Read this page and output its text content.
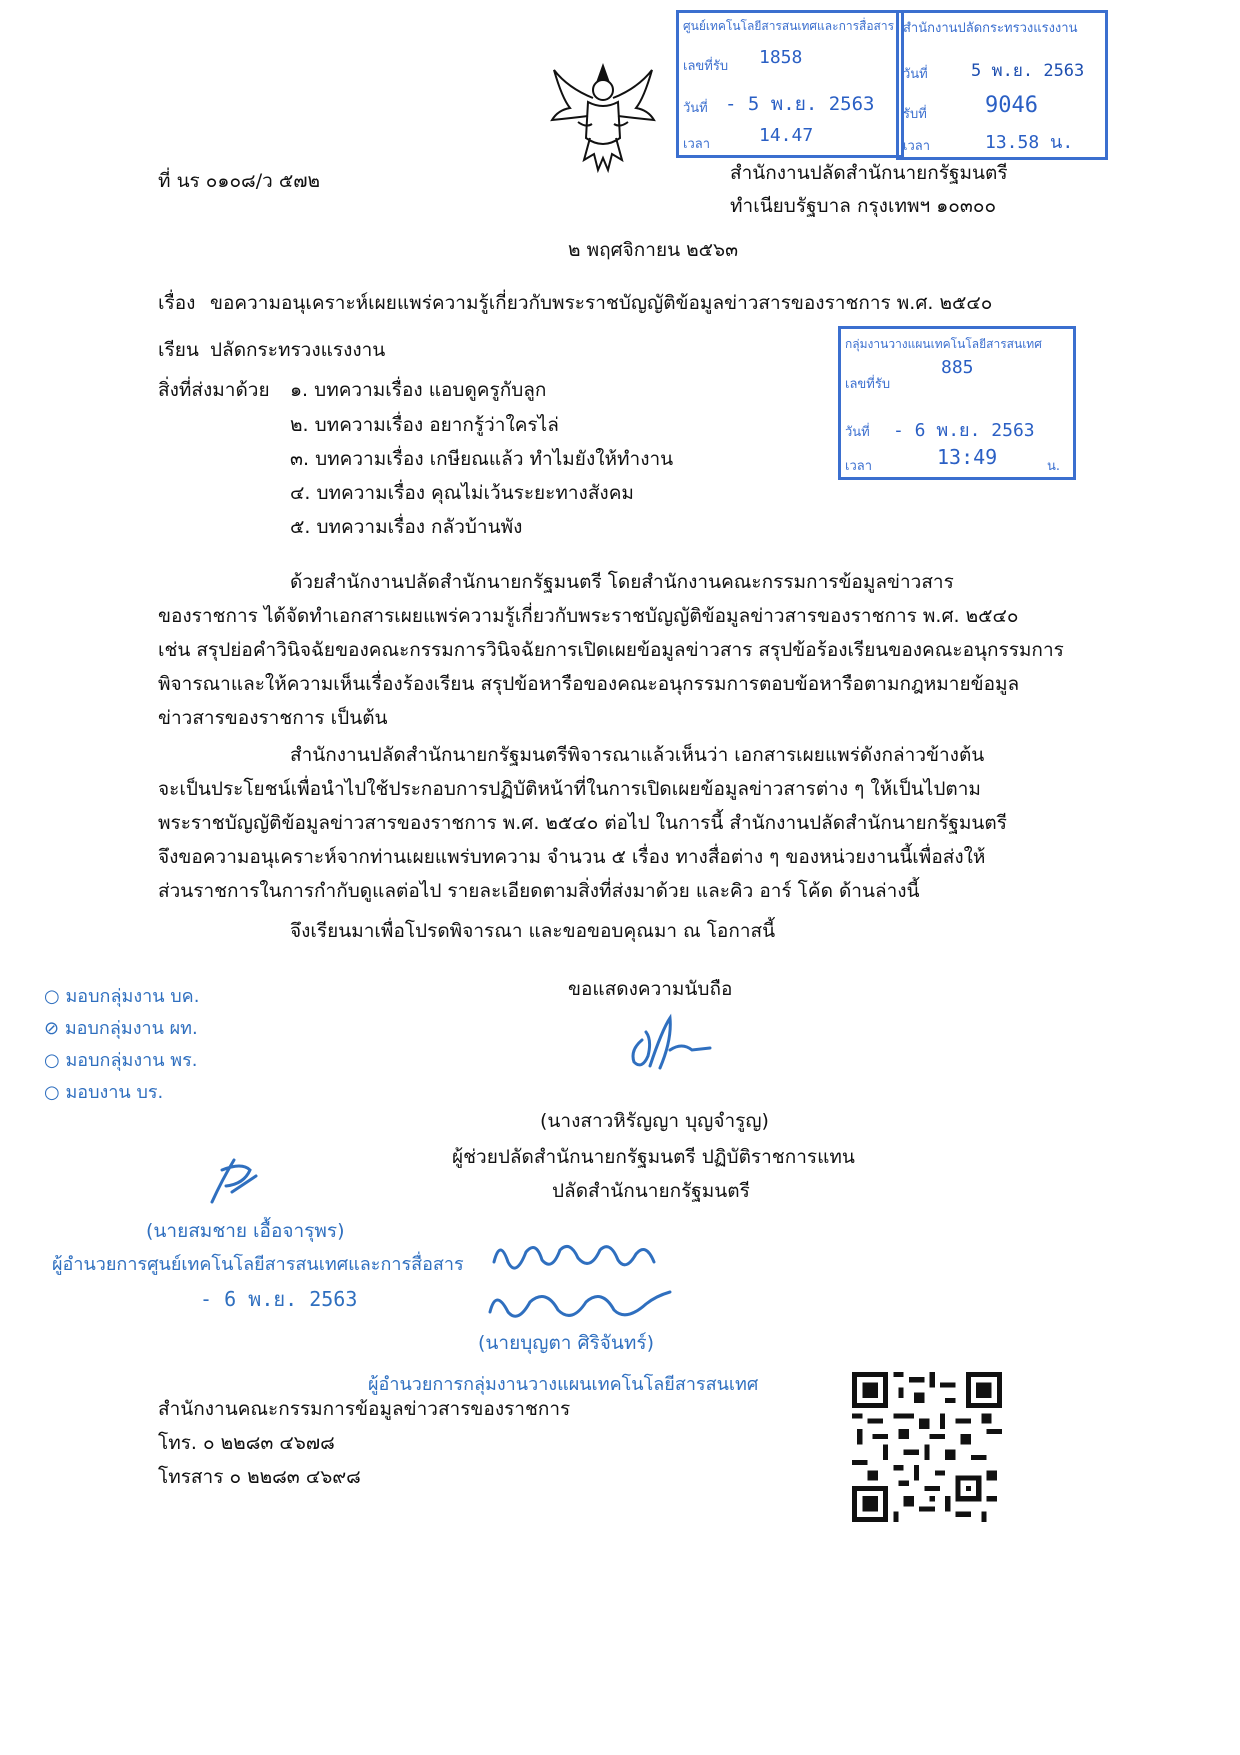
ที่ นร ๐๑๐๘/ว ๕๗๒	สำนักงานปลัดสำนักนายกรัฐมนตรี
ทำเนียบรัฐบาล กรุงเทพฯ ๑๐๓๐๐
๒ พฤศจิกายน ๒๕๖๓
เรื่อง ขอความอนุเคราะห์เผยแพร่ความรู้เกี่ยวกับพระราชบัญญัติข้อมูลข่าวสารของราชการ พ.ศ. ๒๕๔๐
เรียน ปลัดกระทรวงแรงงาน
สิ่งที่ส่งมาด้วย ๑. บทความเรื่อง แอบดูครูกับลูก
๒. บทความเรื่อง อยากรู้ว่าใครไล่
๓. บทความเรื่อง เกษียณแล้ว ทำไมยังให้ทำงาน
๔. บทความเรื่อง คุณไม่เว้นระยะทางสังคม
๕. บทความเรื่อง กลัวบ้านพัง
ด้วยสำนักงานปลัดสำนักนายกรัฐมนตรี โดยสำนักงานคณะกรรมการข้อมูลข่าวสาร
ของราชการ ได้จัดทำเอกสารเผยแพร่ความรู้เกี่ยวกับพระราชบัญญัติข้อมูลข่าวสารของราชการ พ.ศ. ๒๕๔๐
เช่น สรุปย่อคำวินิจฉัยของคณะกรรมการวินิจฉัยการเปิดเผยข้อมูลข่าวสาร สรุปข้อร้องเรียนของคณะอนุกรรมการ
พิจารณาและให้ความเห็นเรื่องร้องเรียน สรุปข้อหารือของคณะอนุกรรมการตอบข้อหารือตามกฎหมายข้อมูล
ข่าวสารของราชการ เป็นต้น
สำนักงานปลัดสำนักนายกรัฐมนตรีพิจารณาแล้วเห็นว่า เอกสารเผยแพร่ดังกล่าวข้างต้น
จะเป็นประโยชน์เพื่อนำไปใช้ประกอบการปฏิบัติหน้าที่ในการเปิดเผยข้อมูลข่าวสารต่าง ๆ ให้เป็นไปตาม
พระราชบัญญัติข้อมูลข่าวสารของราชการ พ.ศ. ๒๕๔๐ ต่อไป ในการนี้ สำนักงานปลัดสำนักนายกรัฐมนตรี
จึงขอความอนุเคราะห์จากท่านเผยแพร่บทความ จำนวน ๕ เรื่อง ทางสื่อต่าง ๆ ของหน่วยงานนี้เพื่อส่งให้
ส่วนราชการในการกำกับดูแลต่อไป รายละเอียดตามสิ่งที่ส่งมาด้วย และคิว อาร์ โค้ด ด้านล่างนี้
จึงเรียนมาเพื่อโปรดพิจารณา และขอขอบคุณมา ณ โอกาสนี้
ขอแสดงความนับถือ
(นางสาวหิรัญญา บุญจำรูญ)
ผู้ช่วยปลัดสำนักนายกรัฐมนตรี ปฏิบัติราชการแทน
ปลัดสำนักนายกรัฐมนตรี
○ มอบกลุ่มงาน บค.
⊘ มอบกลุ่มงาน ผท.
○ มอบกลุ่มงาน พร.
○ มอบงาน บร.
(นายสมชาย เอื้อจารุพร)
ผู้อำนวยการศูนย์เทคโนโลยีสารสนเทศและการสื่อสาร
- 6 พ.ย. 2563
(นายบุญตา ศิริจันทร์)
ผู้อำนวยการกลุ่มงานวางแผนเทคโนโลยีสารสนเทศ
สำนักงานคณะกรรมการข้อมูลข่าวสารของราชการ
โทร. ๐ ๒๒๘๓ ๔๖๗๘
โทรสาร ๐ ๒๒๘๓ ๔๖๙๘
ศูนย์เทคโนโลยีสารสนเทศและการสื่อสาร
เลขที่รับ 1858
วันที่ - 5 พ.ย. 2563
เวลา	14.47
สำนักงานปลัดกระทรวงแรงงาน
วันที่	5 พ.ย. 2563
รับที่	9046
เวลา	13.58 น.
กลุ่มงานวางแผนเทคโนโลยีสารสนเทศ
เลขที่รับ
885
วันที่ - 6 พ.ย. 2563
เวลา	13:49	น.
